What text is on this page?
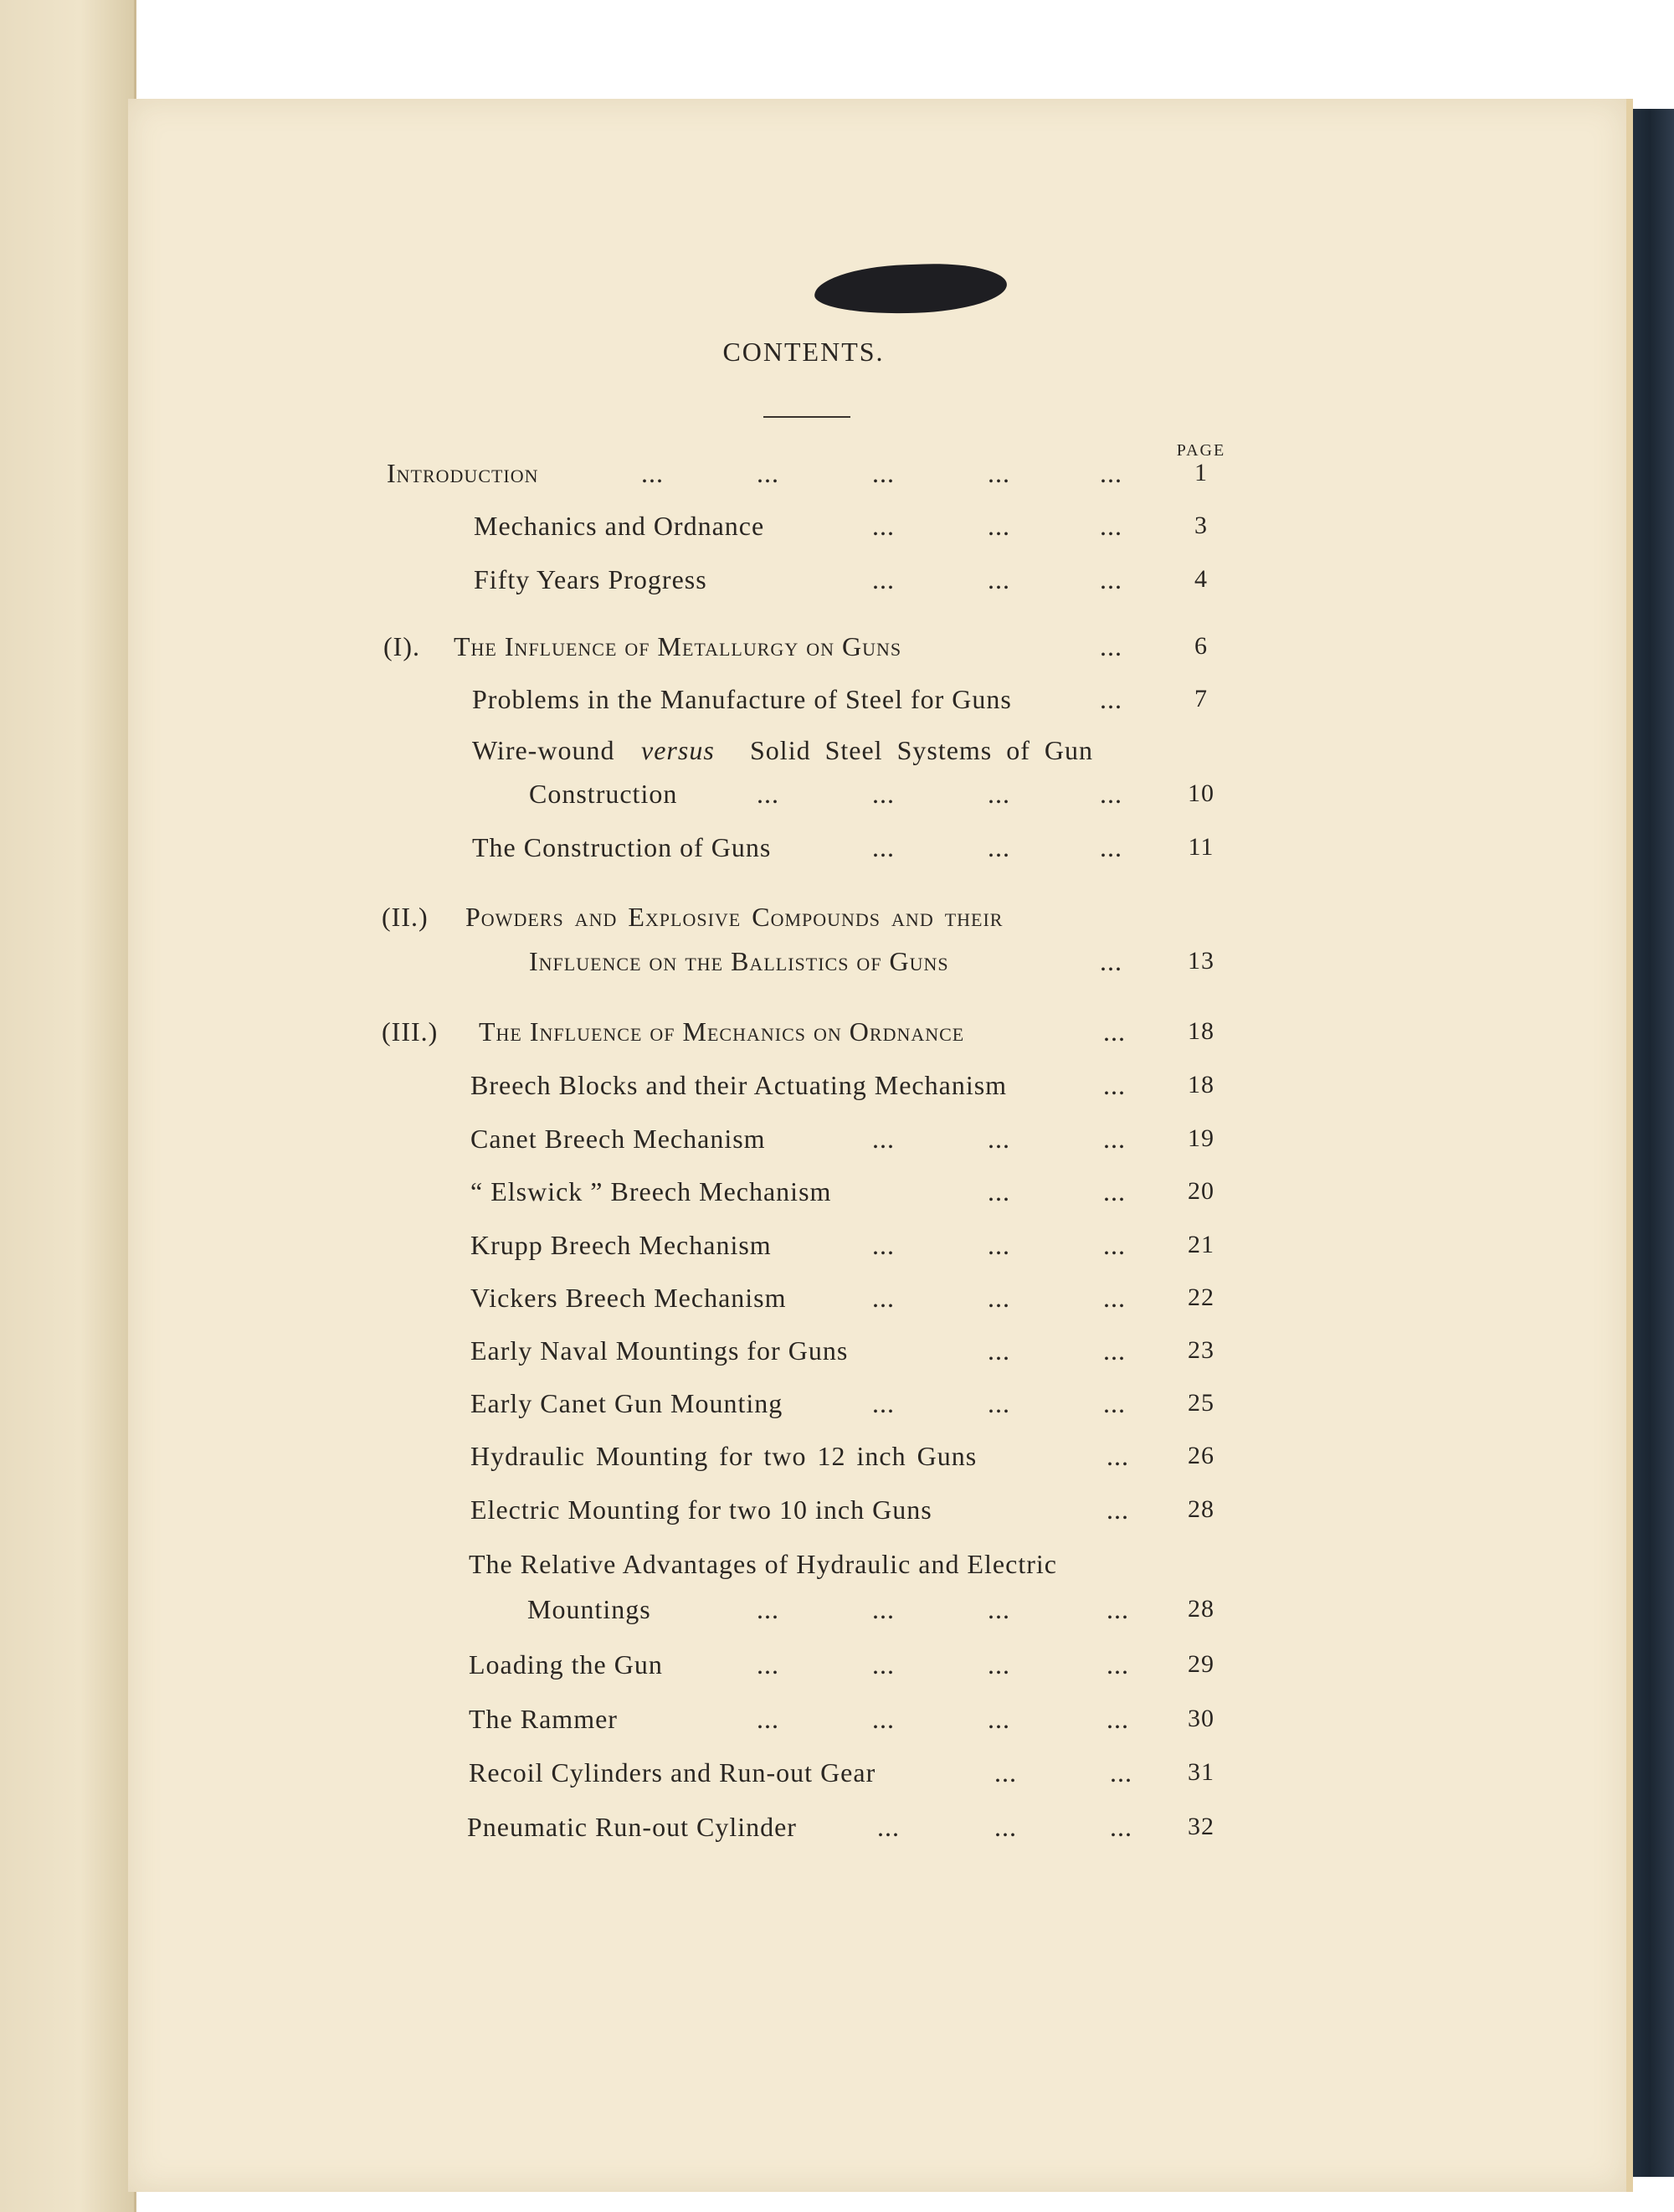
CONTENTS.
PAGE
Introduction	...	...	...	...	...	1
Mechanics and Ordnance	...	...	...	3
Fifty Years Progress	...	...	...	4
(I). The Influence of Metallurgy on Guns	...	6
Problems in the Manufacture of Steel for Guns	...	7
Wire-wound versus Solid Steel Systems of Gun
Construction	...	...	...	...	10
The Construction of Guns	...	...	...	11
(II.) Powders and Explosive Compounds and their
Influence on the Ballistics of Guns	...	13
(III.) The Influence of Mechanics on Ordnance	...	18
Breech Blocks and their Actuating Mechanism	...	18
Canet Breech Mechanism	...	...	...	19
“ Elswick ” Breech Mechanism	...	...	20
Krupp Breech Mechanism	...	...	...	21
Vickers Breech Mechanism	...	...	...	22
Early Naval Mountings for Guns	...	...	23
Early Canet Gun Mounting	...	...	...	25
Hydraulic Mounting for two 12 inch Guns	...	26
Electric Mounting for two 10 inch Guns	...	28
The Relative Advantages of Hydraulic and Electric
Mountings	...	...	...	...	28
Loading the Gun	...	...	...	...	29
The Rammer	...	...	...	...	30
Recoil Cylinders and Run-out Gear	...	...	31
Pneumatic Run-out Cylinder	...	...	...	32
